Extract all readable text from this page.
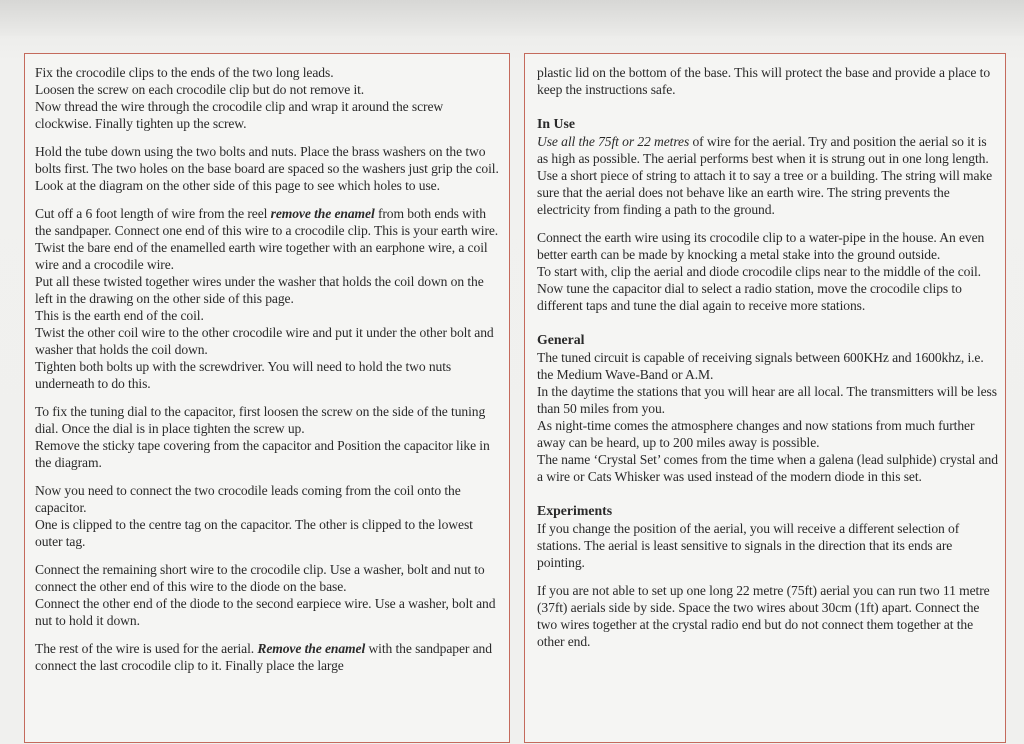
Fix the crocodile clips to the ends of the two long leads.
Loosen the screw on each crocodile clip but do not remove it.
Now thread the wire through the crocodile clip and wrap it around the screw clockwise. Finally tighten up the screw.

Hold the tube down using the two bolts and nuts. Place the brass washers on the two bolts first. The two holes on the base board are spaced so the washers just grip the coil. Look at the diagram on the other side of this page to see which holes to use.

Cut off a 6 foot length of wire from the reel remove the enamel from both ends with the sandpaper. Connect one end of this wire to a crocodile clip. This is your earth wire.
Twist the bare end of the enamelled earth wire together with an earphone wire, a coil wire and a crocodile wire.
Put all these twisted together wires under the washer that holds the coil down on the left in the drawing on the other side of this page.
This is the earth end of the coil.
Twist the other coil wire to the other crocodile wire and put it under the other bolt and washer that holds the coil down.
Tighten both bolts up with the screwdriver. You will need to hold the two nuts underneath to do this.

To fix the tuning dial to the capacitor, first loosen the screw on the side of the tuning dial. Once the dial is in place tighten the screw up.
Remove the sticky tape covering from the capacitor and Position the capacitor like in the diagram.

Now you need to connect the two crocodile leads coming from the coil onto the capacitor.
One is clipped to the centre tag on the capacitor. The other is clipped to the lowest outer tag.

Connect the remaining short wire to the crocodile clip. Use a washer, bolt and nut to connect the other end of this wire to the diode on the base.
Connect the other end of the diode to the second earpiece wire. Use a washer, bolt and nut to hold it down.

The rest of the wire is used for the aerial. Remove the enamel with the sandpaper and connect the last crocodile clip to it. Finally place the large

plastic lid on the bottom of the base. This will protect the base and provide a place to keep the instructions safe.

In Use

Use all the 75ft or 22 metres of wire for the aerial. Try and position the aerial so it is as high as possible. The aerial performs best when it is strung out in one long length.
Use a short piece of string to attach it to say a tree or a building. The string will make sure that the aerial does not behave like an earth wire. The string prevents the electricity from finding a path to the ground.

Connect the earth wire using its crocodile clip to a water-pipe in the house. An even better earth can be made by knocking a metal stake into the ground outside.
To start with, clip the aerial and diode crocodile clips near to the middle of the coil. Now tune the capacitor dial to select a radio station, move the crocodile clips to different taps and tune the dial again to receive more stations.

General

The tuned circuit is capable of receiving signals between 600KHz and 1600khz, i.e. the Medium Wave-Band or A.M.
In the daytime the stations that you will hear are all local. The transmitters will be less than 50 miles from you.
As night-time comes the atmosphere changes and now stations from much further away can be heard, up to 200 miles away is possible.
The name ‘Crystal Set’ comes from the time when a galena (lead sulphide) crystal and a wire or Cats Whisker was used instead of the modern diode in this set.

Experiments

If you change the position of the aerial, you will receive a different selection of stations. The aerial is least sensitive to signals in the direction that its ends are pointing.

If you are not able to set up one long 22 metre (75ft) aerial you can run two 11 metre (37ft) aerials side by side. Space the two wires about 30cm (1ft) apart. Connect the two wires together at the crystal radio end but do not connect them together at the other end.
